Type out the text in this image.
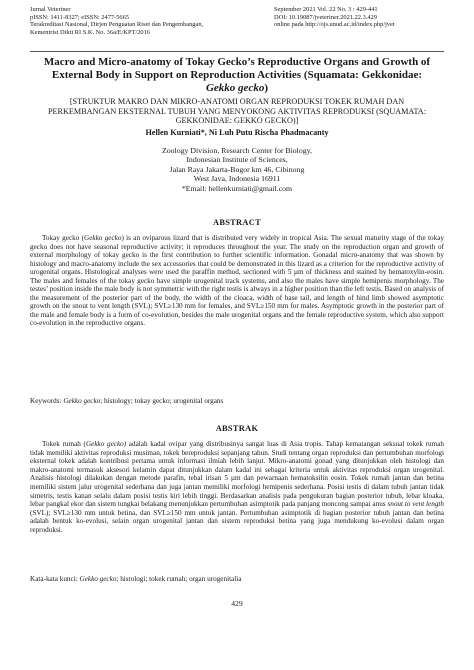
Jurnal Veteriner
pISSN: 1411-8327; eISSN: 2477-5665
Terakreditasi Nasional, Dirjen Penguatan Riset dan Pengembangan,
Kementrist Dikti RI S.K. No. 36a/E/KPT/2016
September 2021 Vol. 22 No. 3 : 429-441
DOI: 10.19087/jveteriner.2021.22.3.429
online pada http://ojs.unud.ac.id/index.php/jvet
Macro and Micro-anatomy of Tokay Gecko’s Reproductive Organs and Growth of External Body in Support on Reproduction Activities (Squamata: Gekkonidae: Gekko gecko)
[STRUKTUR MAKRO DAN MIKRO-ANATOMI ORGAN REPRODUKSI TOKEK RUMAH DAN PERKEMBANGAN EKSTERNAL TUBUH YANG MENYOKONG AKTIVITAS REPRODUKSI (SQUAMATA: GEKKONIDAE: GEKKO GECKO)]
Hellen Kurniati*, Ni Luh Putu Rischa Phadmacanty
Zoology Division, Research Center for Biology,
Indonesian Institute of Sciences,
Jalan Raya Jakarta-Bogor km 46, Cibinong
West Java, Indonesia 16911
*Email: hellenkurniati@gmail.com
ABSTRACT
Tokay gecko (Gekko gecko) is an oviparous lizard that is distributed very widely in tropical Asia. The sexual maturity stage of the tokay gecko does not have seasonal reproductive activity; it reproduces throughout the year. The study on the reproduction organ and growth of external morphology of tokay gecko is the first contribution to further scientific information. Gonadal micro-anatomy that was shown by histology and macro-anatomy include the sex accessories that could be demonstrated in this lizard as a criterion for the reproductive activity of urogenital organs. Histological analyses were used the paraffin method, sectioned with 5 µm of thickness and stained by hematoxylin-eosin. The males and females of the tokay gecko have simple urogenital track systems, and also the males have simple hemipenis morphology. The testes’ position inside the male body is not symmetric with the right testis is always in a higher position than the left testis. Based on analysis of the measurement of the posterior part of the body, the width of the cloaca, width of base tail, and length of hind limb showed asymptotic growth on the snout to vent length (SVL); SVL≥130 mm for females, and SVL≥150 mm for males. Asymptotic growth in the posterior part of the male and female body is a form of co-evolution, besides the male urogenital organs and the female reproductive system, which also support co-evolution in the reproductive organs.
Keywords: Gekko gecko; histology; tokay gecko; urogenital organs
ABSTRAK
Tokek rumah (Gekko gecko) adalah kadal ovipar yang distribusinya sangat luas di Asia tropis. Tahap kematangan seksual tokek rumah tidak memiliki aktivitas reproduksi musiman, tokek bereproduksi sepanjang tahun. Studi tentang organ reproduksi dan pertumbuhan morfologi eksternal tokek adalah kontribusi pertama untuk informasi ilmiah lebih lanjut. Mikro-anatomi gonad yang ditunjukkan oleh histologi dan makro-anatomi termasuk aksesori kelamin dapat ditunjukkan dalam kadal ini sebagai kriteria untuk aktivitas reproduksi organ urogenital. Analisis histologi dilakukan dengan metode parafin, tebal irisan 5 µm dan pewarnaan hematoksilin eosin. Tokek rumah jantan dan betina memiliki sistem jalur urogenital sederhana dan juga jantan memiliki morfologi hemipenis sederhana. Posisi testis di dalam tubuh jantan tidak simetris, testis kanan selalu dalam posisi testis kiri lebih tinggi. Berdasarkan analisis pada pengukuran bagian posterior tubuh, lebar kloaka, lebar pangkal ekor dan sistem tungkai belakang menunjukkan pertumbuhan asimptotik pada panjang moncong sampai anus snout to vent length (SVL); SVL≥130 mm untuk betina, dan SVL≥150 mm untuk jantan. Pertumbuhan asimptotik di bagian posterior tubuh jantan dan betina adalah bentuk ko-evolusi, selain organ urogenital jantan dan sistem reproduksi betina yang juga mendukung ko-evolusi dalam organ reproduksi.
Kata-kata kunci: Gekko gecko; histologi; tokek rumah; organ urogenitalia
429
